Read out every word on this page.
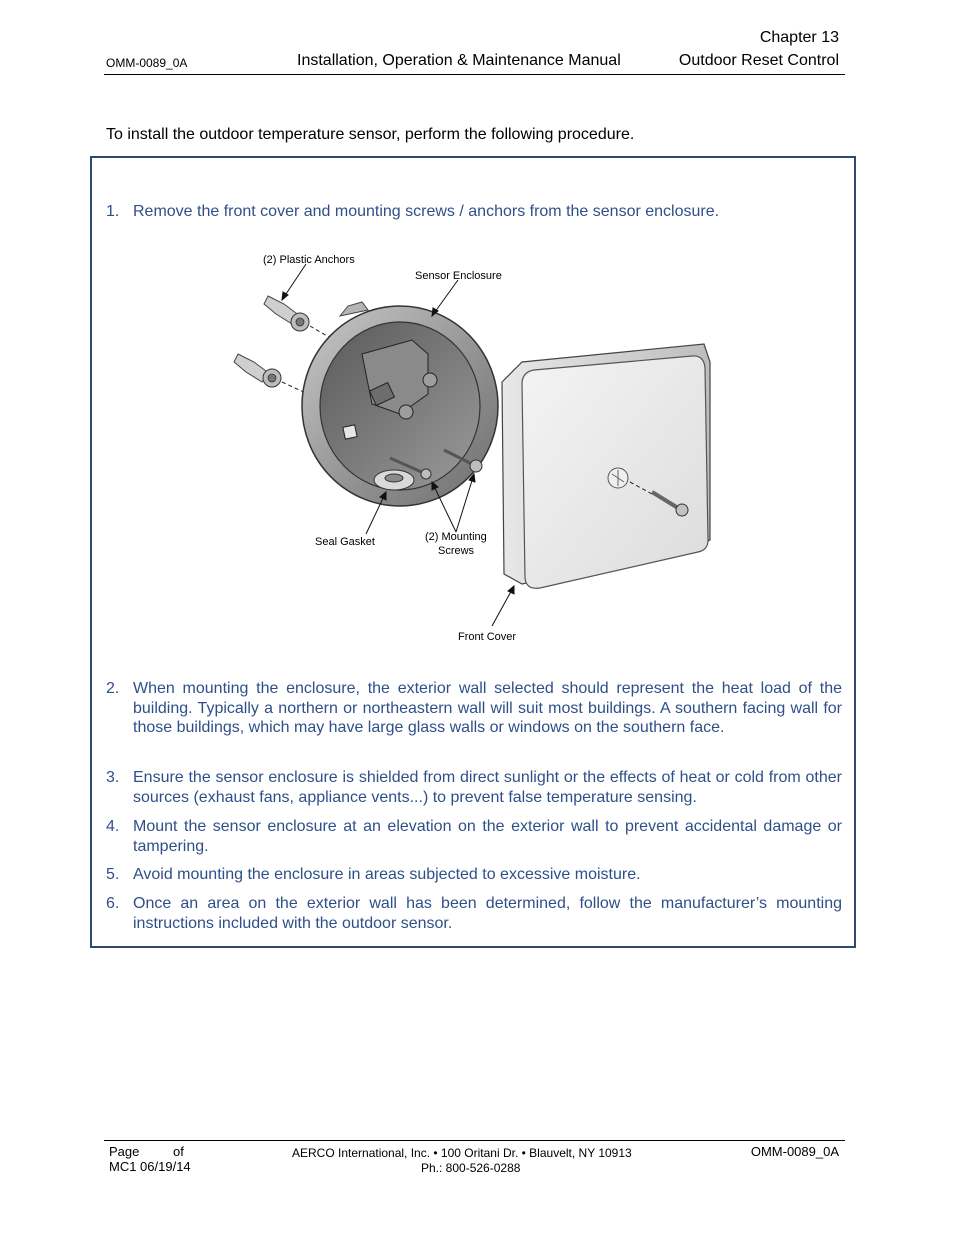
Chapter 13
OMM-0089_0A	Installation, Operation & Maintenance Manual	Outdoor Reset Control
To install the outdoor temperature sensor, perform the following procedure.
1. Remove the front cover and mounting screws / anchors from the sensor enclosure.
(2) Plastic Anchors
Sensor Enclosure
Seal Gasket	(2) Mounting
Screws
Front Cover
2. When mounting the enclosure, the exterior wall selected should represent the heat load of the building. Typically a northern or northeastern wall will suit most buildings. A southern facing wall for those buildings, which may have large glass walls or windows on the southern face.
3. Ensure the sensor enclosure is shielded from direct sunlight or the effects of heat or cold from other sources (exhaust fans, appliance vents...) to prevent false temperature sensing.
4. Mount the sensor enclosure at an elevation on the exterior wall to prevent accidental damage or tampering.
5. Avoid mounting the enclosure in areas subjected to excessive moisture.
6. Once an area on the exterior wall has been determined, follow the manufacturer’s mounting instructions included with the outdoor sensor.
Page	of
MC1 06/19/14
AERCO International, Inc. • 100 Oritani Dr. • Blauvelt, NY 10913
Ph.: 800-526-0288
OMM-0089_0A
